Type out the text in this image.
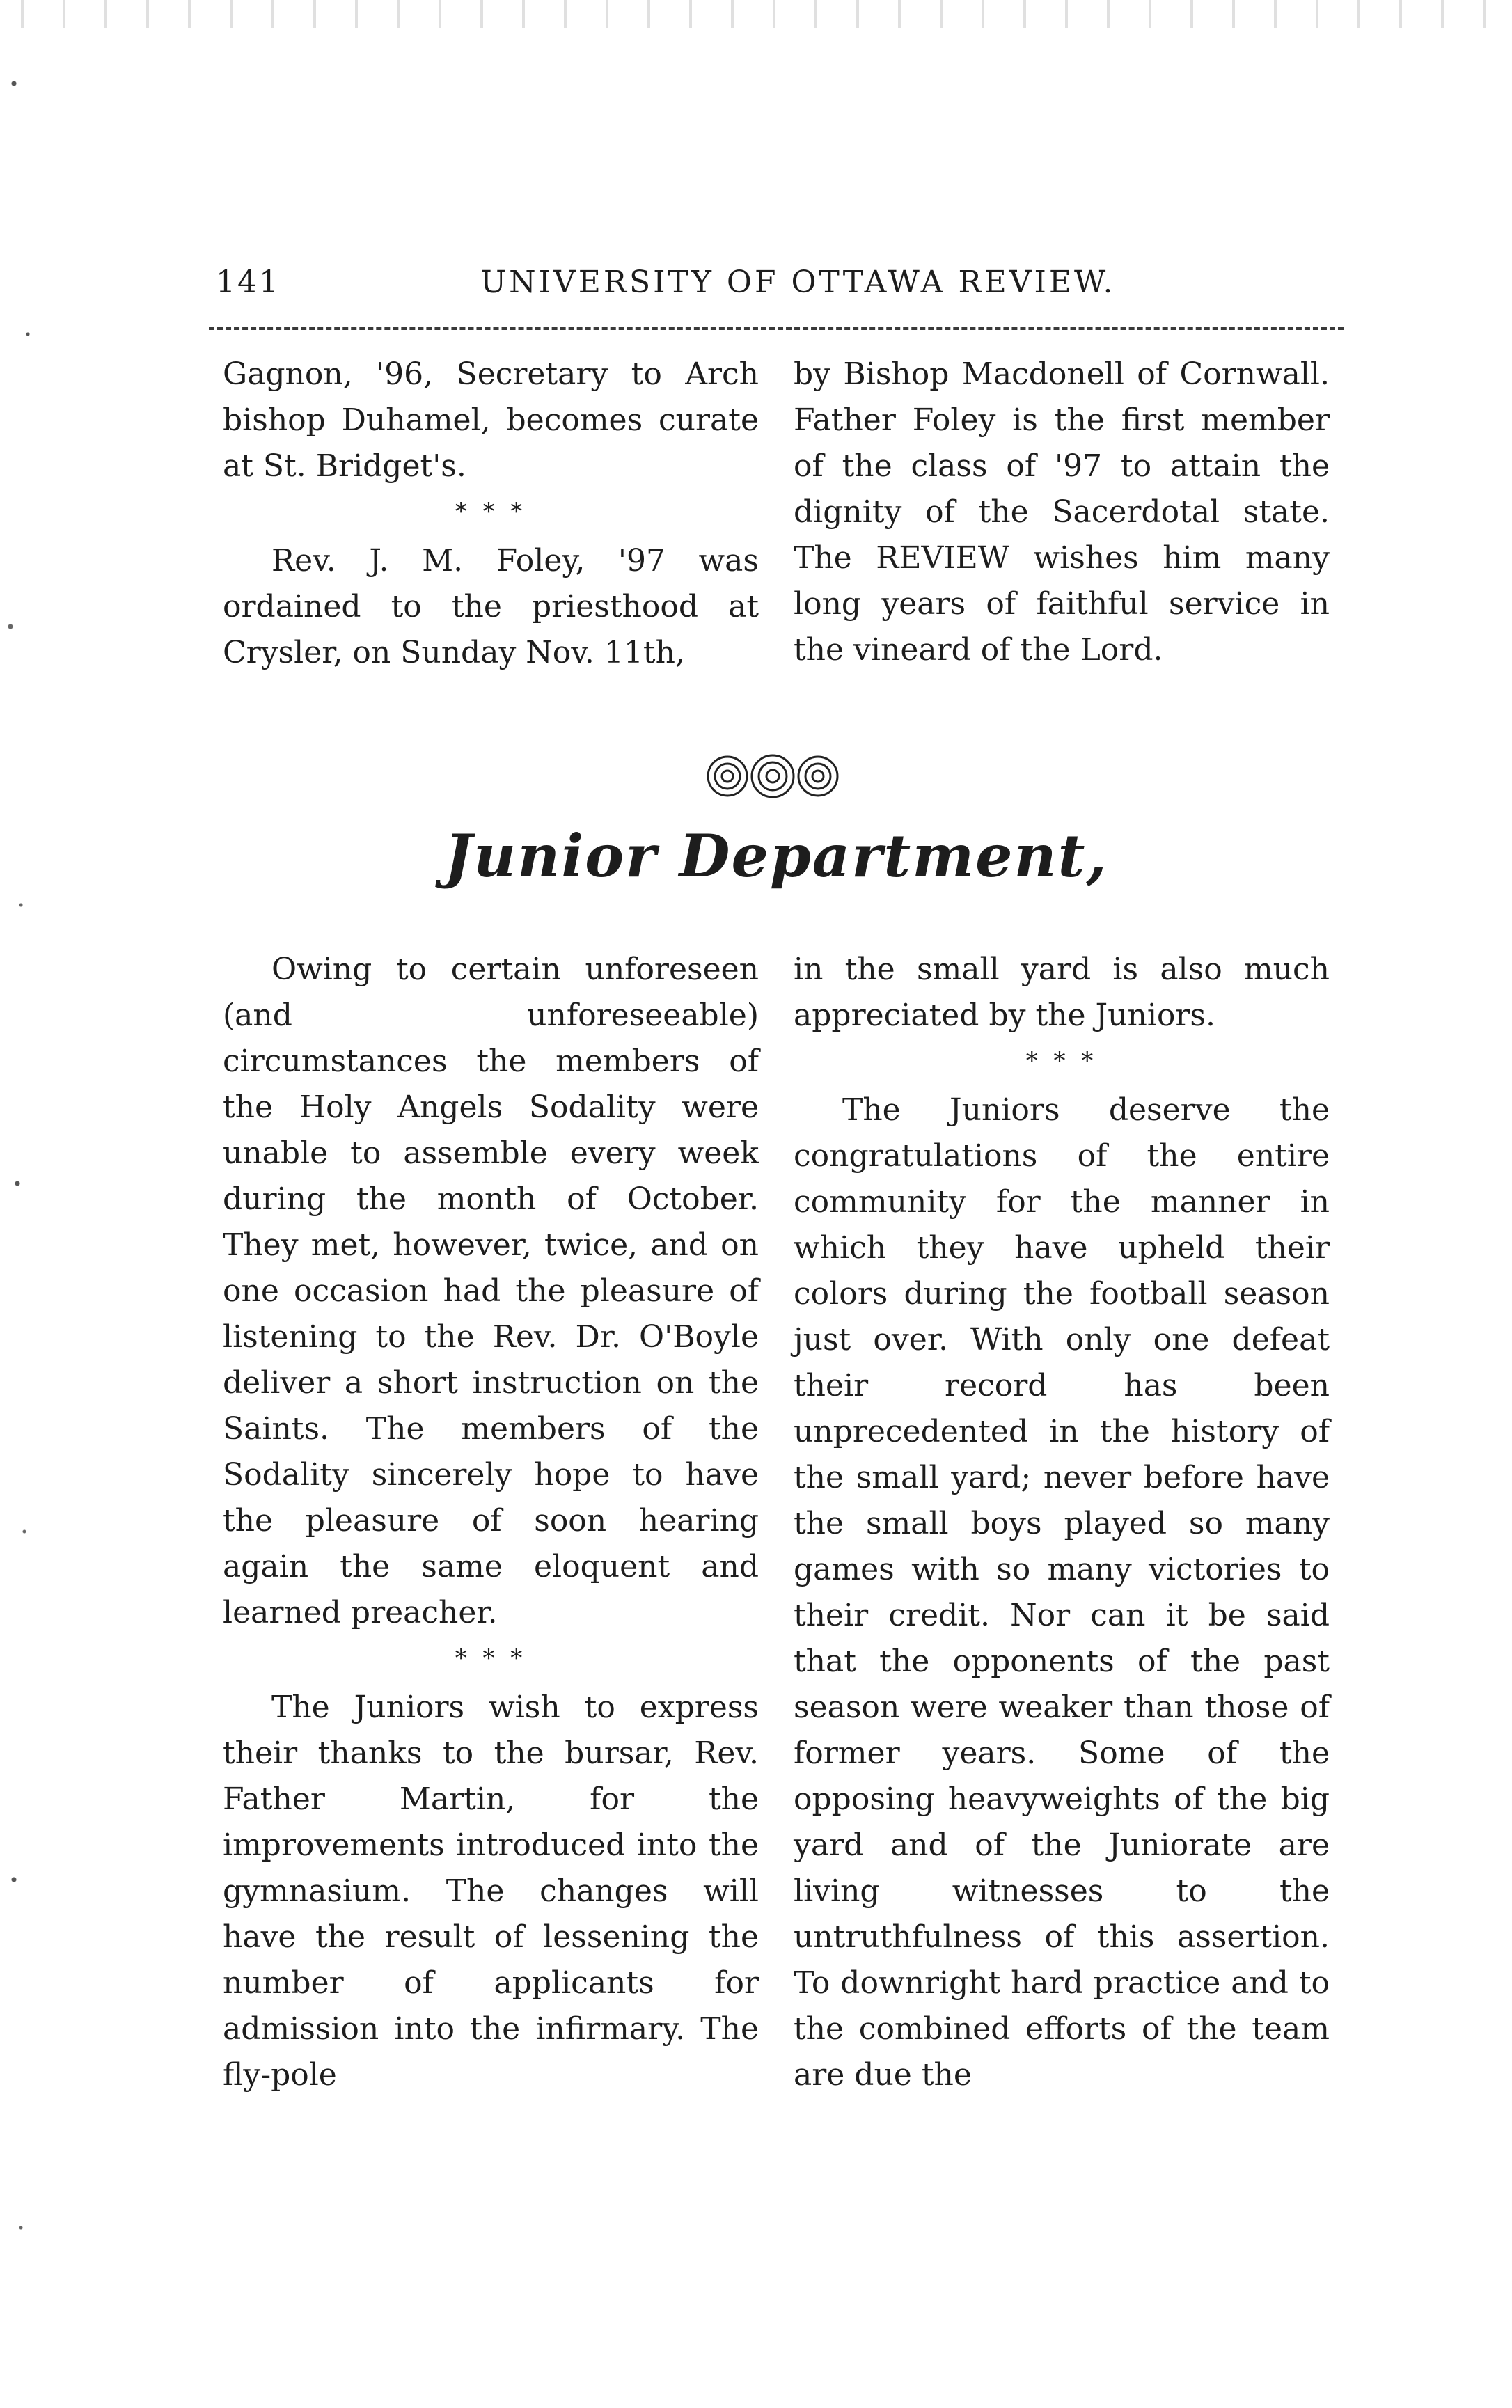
141	UNIVERSITY OF OTTAWA REVIEW.

Gagnon, '96, Secretary to Arch bishop Duhamel, becomes curate at St. Bridget's.

* * *

Rev. J. M. Foley, '97 was ordained to the priesthood at Crysler, on Sunday Nov. 11th,

by Bishop Macdonell of Cornwall. Father Foley is the first member of the class of '97 to attain the dignity of the Sacerdotal state. The REVIEW wishes him many long years of faithful service in the vineard of the Lord.

Junior Department,

Owing to certain unforeseen (and unforeseeable) circumstances the members of the Holy Angels Sodality were unable to assemble every week during the month of October. They met, however, twice, and on one occasion had the pleasure of listening to the Rev. Dr. O'Boyle deliver a short instruction on the Saints. The members of the Sodality sincerely hope to have the pleasure of soon hearing again the same eloquent and learned preacher.

* * *

The Juniors wish to express their thanks to the bursar, Rev. Father Martin, for the improvements introduced into the gymnasium. The changes will have the result of lessening the number of applicants for admission into the infirmary. The fly-pole

in the small yard is also much appreciated by the Juniors.

* * *

The Juniors deserve the congratulations of the entire community for the manner in which they have upheld their colors during the football season just over. With only one defeat their record has been unprecedented in the history of the small yard; never before have the small boys played so many games with so many victories to their credit. Nor can it be said that the opponents of the past season were weaker than those of former years. Some of the opposing heavyweights of the big yard and of the Juniorate are living witnesses to the untruthfulness of this assertion. To downright hard practice and to the combined efforts of the team are due the
